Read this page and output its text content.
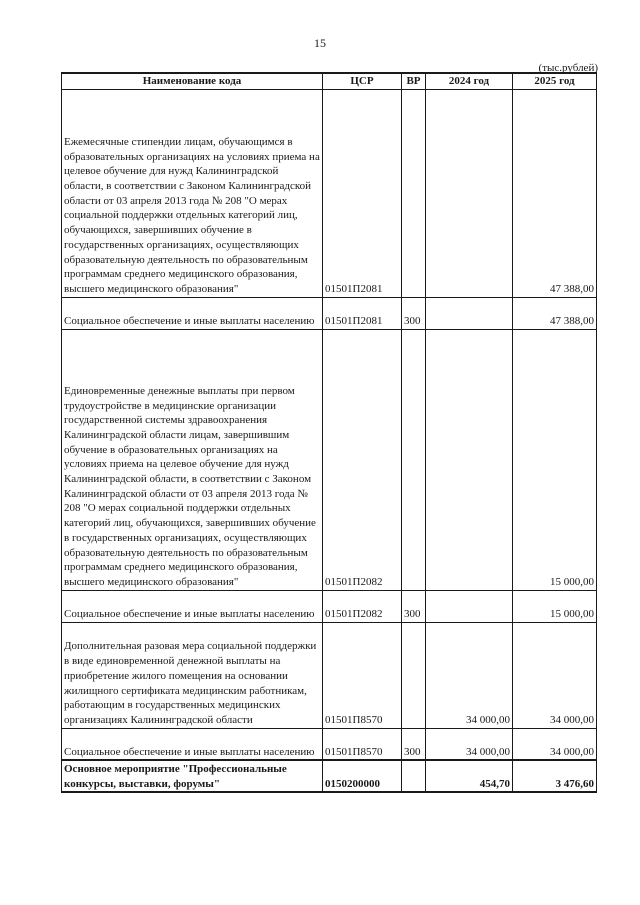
15
(тыс.рублей)
Наименование кода	ЦСР	ВР	2024 год	2025 год
Ежемесячные стипендии лицам, обучающимся в образовательных организациях на условиях приема на целевое обучение для нужд Калининградской области, в соответствии с Законом Калининградской области от 03 апреля 2013 года № 208 "О мерах социальной поддержки отдельных категорий лиц, обучающихся, завершивших обучение в государственных организациях, осуществляющих образовательную деятельность по образовательным программам среднего медицинского образования, высшего медицинского образования"	01501П2081			47 388,00
Социальное обеспечение и иные выплаты населению	01501П2081	300		47 388,00
Единовременные денежные выплаты при первом трудоустройстве в медицинские организации государственной системы здравоохранения Калининградской области лицам, завершившим обучение в образовательных организациях на условиях приема на целевое обучение для нужд Калининградской области, в соответствии с Законом Калининградской области от 03 апреля 2013 года № 208 "О мерах социальной поддержки отдельных категорий лиц, обучающихся, завершивших обучение в государственных организациях, осуществляющих образовательную деятельность по образовательным программам среднего медицинского образования, высшего медицинского образования"	01501П2082			15 000,00
Социальное обеспечение и иные выплаты населению	01501П2082	300		15 000,00
Дополнительная разовая мера социальной поддержки в виде единовременной денежной выплаты на приобретение жилого помещения на основании жилищного сертификата медицинским работникам, работающим в государственных медицинских организациях Калининградской области	01501П8570		34 000,00	34 000,00
Социальное обеспечение и иные выплаты населению	01501П8570	300	34 000,00	34 000,00
Основное мероприятие "Профессиональные конкурсы, выставки, форумы"	0150200000		454,70	3 476,60
